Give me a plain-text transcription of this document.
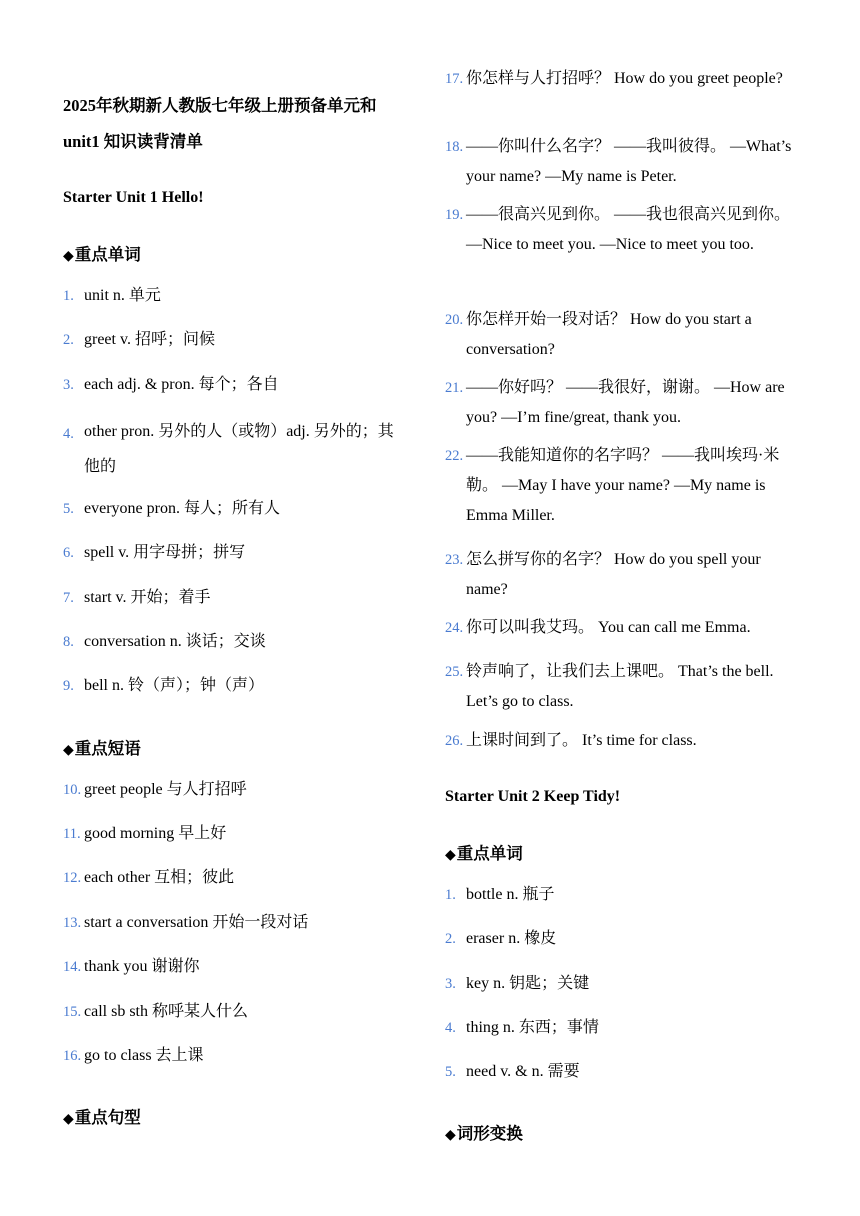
2025年秋期新人教版七年级上册预备单元和
unit1 知识读背清单
Starter Unit 1 Hello!
◆重点单词
1. unit n. 单元
2. greet v. 招呼；问候
3. each adj. & pron. 每个；各自
4. other pron. 另外的人（或物）adj. 另外的；其他的
5. everyone pron. 每人；所有人
6. spell v. 用字母拼；拼写
7. start v. 开始；着手
8. conversation n. 谈话；交谈
9. bell n. 铃（声）；钟（声）
◆重点短语
10. greet people 与人打招呼
11. good morning 早上好
12. each other 互相；彼此
13. start a conversation 开始一段对话
14. thank you 谢谢你
15. call sb sth 称呼某人什么
16. go to class 去上课
◆重点句型
17. 你怎样与人打招呼？ How do you greet people?
18. ——你叫什么名字？ ——我叫彼得。 —What’s your name? —My name is Peter.
19. ——很高兴见到你。 ——我也很高兴见到你。 —Nice to meet you. —Nice to meet you too.
20. 你怎样开始一段对话？ How do you start a conversation?
21. ——你好吗？ ——我很好，谢谢。 —How are you? —I’m fine/great, thank you.
22. ——我能知道你的名字吗？ ——我叫埃玛·米勒。 —May I have your name? —My name is Emma Miller.
23. 怎么拼写你的名字？ How do you spell your name?
24. 你可以叫我艾玛。 You can call me Emma.
25. 铃声响了，让我们去上课吧。 That’s the bell. Let’s go to class.
26. 上课时间到了。 It’s time for class.
Starter Unit 2 Keep Tidy!
◆重点单词
1. bottle n. 瓶子
2. eraser n. 橡皮
3. key n. 钥匙；关键
4. thing n. 东西；事情
5. need v. & n. 需要
◆词形变换
